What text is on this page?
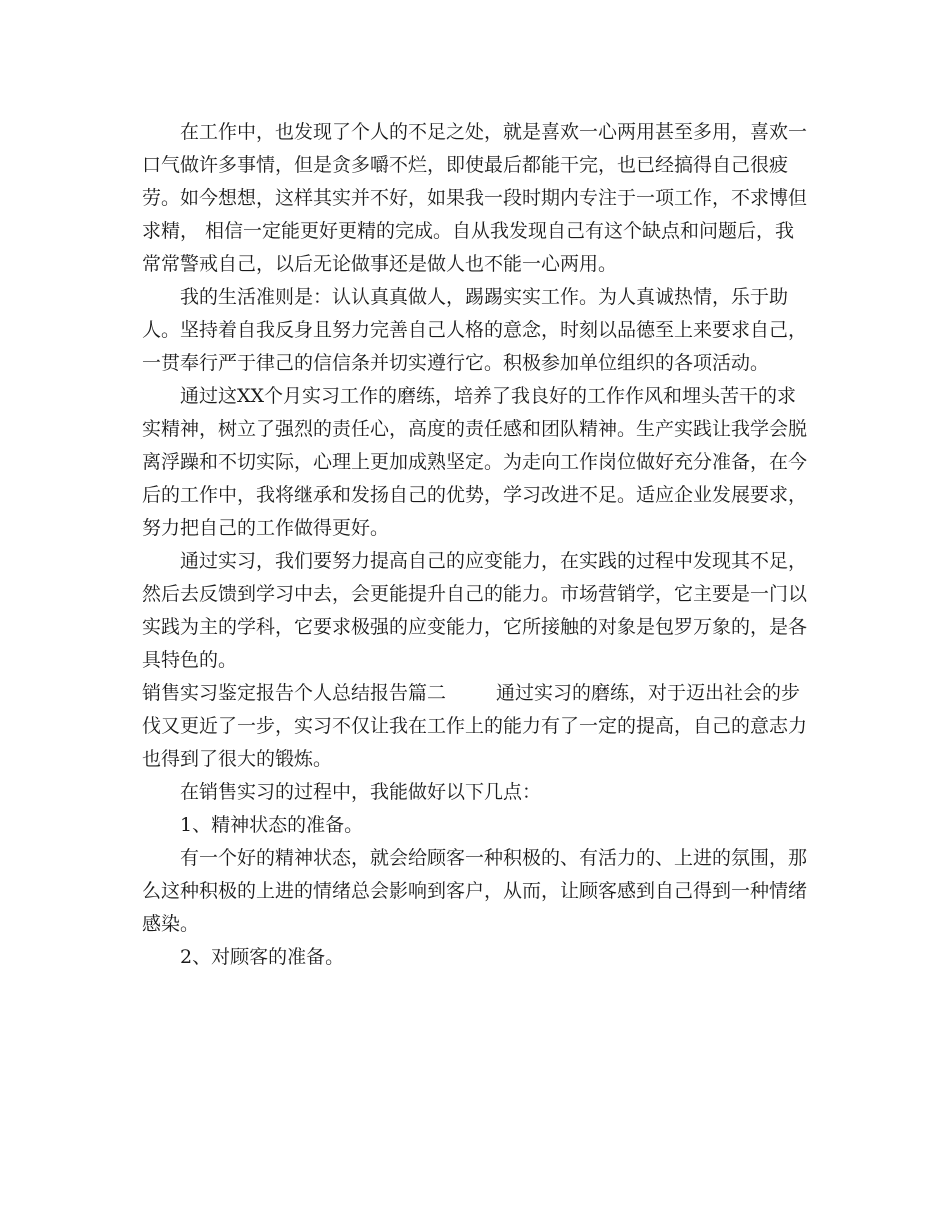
在工作中，也发现了个人的不足之处，就是喜欢一心两用甚至多用，喜欢一口气做许多事情，但是贪多嚼不烂，即使最后都能干完，也已经搞得自己很疲劳。如今想想，这样其实并不好，如果我一段时期内专注于一项工作，不求博但求精， 相信一定能更好更精的完成。自从我发现自己有这个缺点和问题后，我常常警戒自己，以后无论做事还是做人也不能一心两用。

我的生活准则是：认认真真做人，踢踢实实工作。为人真诚热情，乐于助人。坚持着自我反身且努力完善自己人格的意念，时刻以品德至上来要求自己，一贯奉行严于律己的信信条并切实遵行它。积极参加单位组织的各项活动。

通过这XX个月实习工作的磨练，培养了我良好的工作作风和埋头苦干的求实精神，树立了强烈的责任心，高度的责任感和团队精神。生产实践让我学会脱离浮躁和不切实际，心理上更加成熟坚定。为走向工作岗位做好充分准备，在今后的工作中，我将继承和发扬自己的优势，学习改进不足。适应企业发展要求，努力把自己的工作做得更好。

通过实习，我们要努力提高自己的应变能力，在实践的过程中发现其不足，然后去反馈到学习中去，会更能提升自己的能力。市场营销学，它主要是一门以实践为主的学科，它要求极强的应变能力，它所接触的对象是包罗万象的，是各具特色的。

销售实习鉴定报告个人总结报告篇二	通过实习的磨练，对于迈出社会的步伐又更近了一步，实习不仅让我在工作上的能力有了一定的提高，自己的意志力也得到了很大的锻炼。

在销售实习的过程中，我能做好以下几点：

1、精神状态的准备。

有一个好的精神状态，就会给顾客一种积极的、有活力的、上进的氛围，那么这种积极的上进的情绪总会影响到客户，从而，让顾客感到自己得到一种情绪感染。

2、对顾客的准备。
